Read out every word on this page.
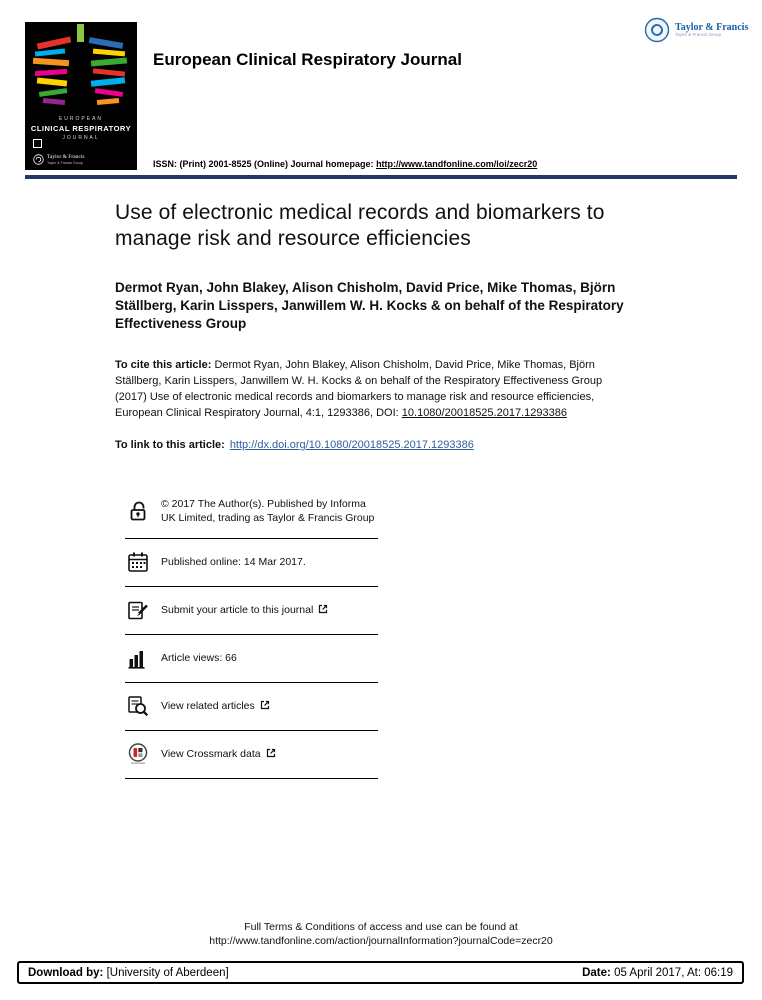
EUROPEAN
CLINICAL RESPIRATORY
JOURNAL
Taylor & Francis
Taylor & Francis Group
Taylor & Francis
Taylor & Francis Group
European Clinical Respiratory Journal
ISSN: (Print) 2001-8525 (Online) Journal homepage: http://www.tandfonline.com/loi/zecr20
Use of electronic medical records and biomarkers to manage risk and resource efficiencies
Dermot Ryan, John Blakey, Alison Chisholm, David Price, Mike Thomas, Björn Ställberg, Karin Lisspers, Janwillem W. H. Kocks & on behalf of the Respiratory Effectiveness Group

To cite this article: Dermot Ryan, John Blakey, Alison Chisholm, David Price, Mike Thomas, Björn Ställberg, Karin Lisspers, Janwillem W. H. Kocks & on behalf of the Respiratory Effectiveness Group (2017) Use of electronic medical records and biomarkers to manage risk and resource efficiencies, European Clinical Respiratory Journal, 4:1, 1293386, DOI: 10.1080/20018525.2017.1293386

To link to this article: http://dx.doi.org/10.1080/20018525.2017.1293386

© 2017 The Author(s). Published by Informa UK Limited, trading as Taylor & Francis Group
Published online: 14 Mar 2017.
Submit your article to this journal
Article views: 66
View related articles
View Crossmark data
Full Terms & Conditions of access and use can be found at
http://www.tandfonline.com/action/journalInformation?journalCode=zecr20
Download by: [University of Aberdeen]	Date: 05 April 2017, At: 06:19
